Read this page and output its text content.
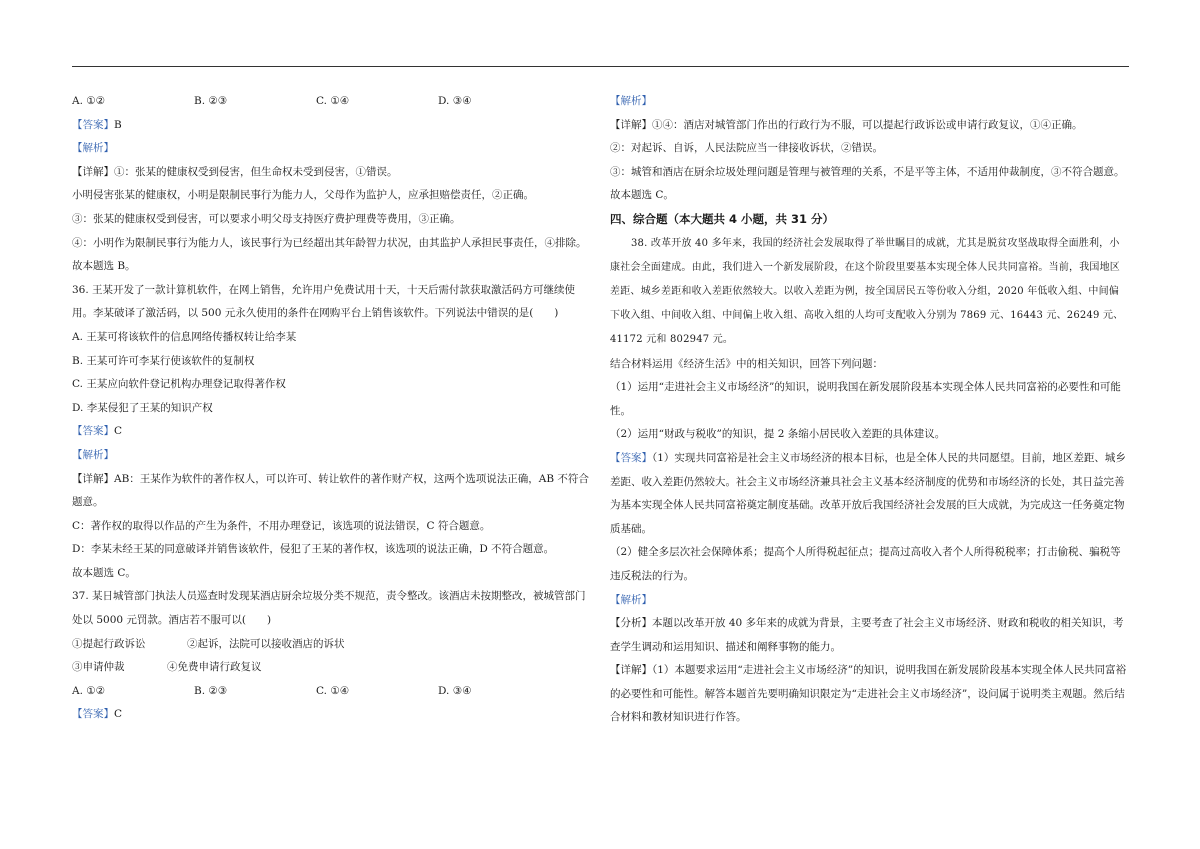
A. ①②	B. ②③	C. ①④	D. ③④

【答案】B

【解析】

【详解】①：张某的健康权受到侵害，但生命权未受到侵害，①错误。

小明侵害张某的健康权，小明是限制民事行为能力人，父母作为监护人，应承担赔偿责任，②正确。

③：张某的健康权受到侵害，可以要求小明父母支持医疗费护理费等费用，③正确。

④：小明作为限制民事行为能力人，该民事行为已经超出其年龄智力状况，由其监护人承担民事责任，④排除。

故本题选 B。

36. 王某开发了一款计算机软件，在网上销售，允许用户免费试用十天，十天后需付款获取激活码方可继续使用。李某破译了激活码，以 500 元永久使用的条件在网购平台上销售该软件。下列说法中错误的是(　　)

A. 王某可将该软件的信息网络传播权转让给李某

B. 王某可许可李某行使该软件的复制权

C. 王某应向软件登记机构办理登记取得著作权

D. 李某侵犯了王某的知识产权

【答案】C

【解析】

【详解】AB：王某作为软件的著作权人，可以许可、转让软件的著作财产权，这两个选项说法正确，AB 不符合题意。

C：著作权的取得以作品的产生为条件，不用办理登记，该选项的说法错误，C 符合题意。

D：李某未经王某的同意破译并销售该软件，侵犯了王某的著作权，该选项的说法正确，D 不符合题意。

故本题选 C。

37. 某日城管部门执法人员巡查时发现某酒店厨余垃圾分类不规范，责令整改。该酒店未按期整改，被城管部门处以 5000 元罚款。酒店若不服可以(　　)

①提起行政诉讼	②起诉，法院可以接收酒店的诉状
③申请仲裁	④免费申请行政复议
A. ①②	B. ②③	C. ①④	D. ③④

【答案】C

【解析】

【详解】①④：酒店对城管部门作出的行政行为不服，可以提起行政诉讼或申请行政复议，①④正确。

②：对起诉、自诉，人民法院应当一律接收诉状，②错误。

③：城管和酒店在厨余垃圾处理问题是管理与被管理的关系，不是平等主体，不适用仲裁制度，③不符合题意。

故本题选 C。

四、综合题（本大题共 4 小题，共 31 分）

38. 改革开放 40 多年来，我国的经济社会发展取得了举世瞩目的成就，尤其是脱贫攻坚战取得全面胜利，小康社会全面建成。由此，我们进入一个新发展阶段，在这个阶段里要基本实现全体人民共同富裕。当前，我国地区差距、城乡差距和收入差距依然较大。以收入差距为例，按全国居民五等份收入分组，2020 年低收入组、中间偏下收入组、中间收入组、中间偏上收入组、高收入组的人均可支配收入分别为 7869 元、16443 元、26249 元、41172 元和 802947 元。

结合材料运用《经济生活》中的相关知识，回答下列问题：

（1）运用“走进社会主义市场经济”的知识，说明我国在新发展阶段基本实现全体人民共同富裕的必要性和可能性。

（2）运用“财政与税收”的知识，提 2 条缩小居民收入差距的具体建议。

【答案】（1）实现共同富裕是社会主义市场经济的根本目标，也是全体人民的共同愿望。目前，地区差距、城乡差距、收入差距仍然较大。社会主义市场经济兼具社会主义基本经济制度的优势和市场经济的长处，其日益完善为基本实现全体人民共同富裕奠定制度基础。改革开放后我国经济社会发展的巨大成就，为完成这一任务奠定物质基础。

（2）健全多层次社会保障体系；提高个人所得税起征点；提高过高收入者个人所得税税率；打击偷税、骗税等违反税法的行为。

【解析】

【分析】本题以改革开放 40 多年来的成就为背景，主要考查了社会主义市场经济、财政和税收的相关知识，考查学生调动和运用知识、描述和阐释事物的能力。

【详解】（1）本题要求运用“走进社会主义市场经济”的知识，说明我国在新发展阶段基本实现全体人民共同富裕的必要性和可能性。解答本题首先要明确知识限定为“走进社会主义市场经济”，设问属于说明类主观题。然后结合材料和教材知识进行作答。
